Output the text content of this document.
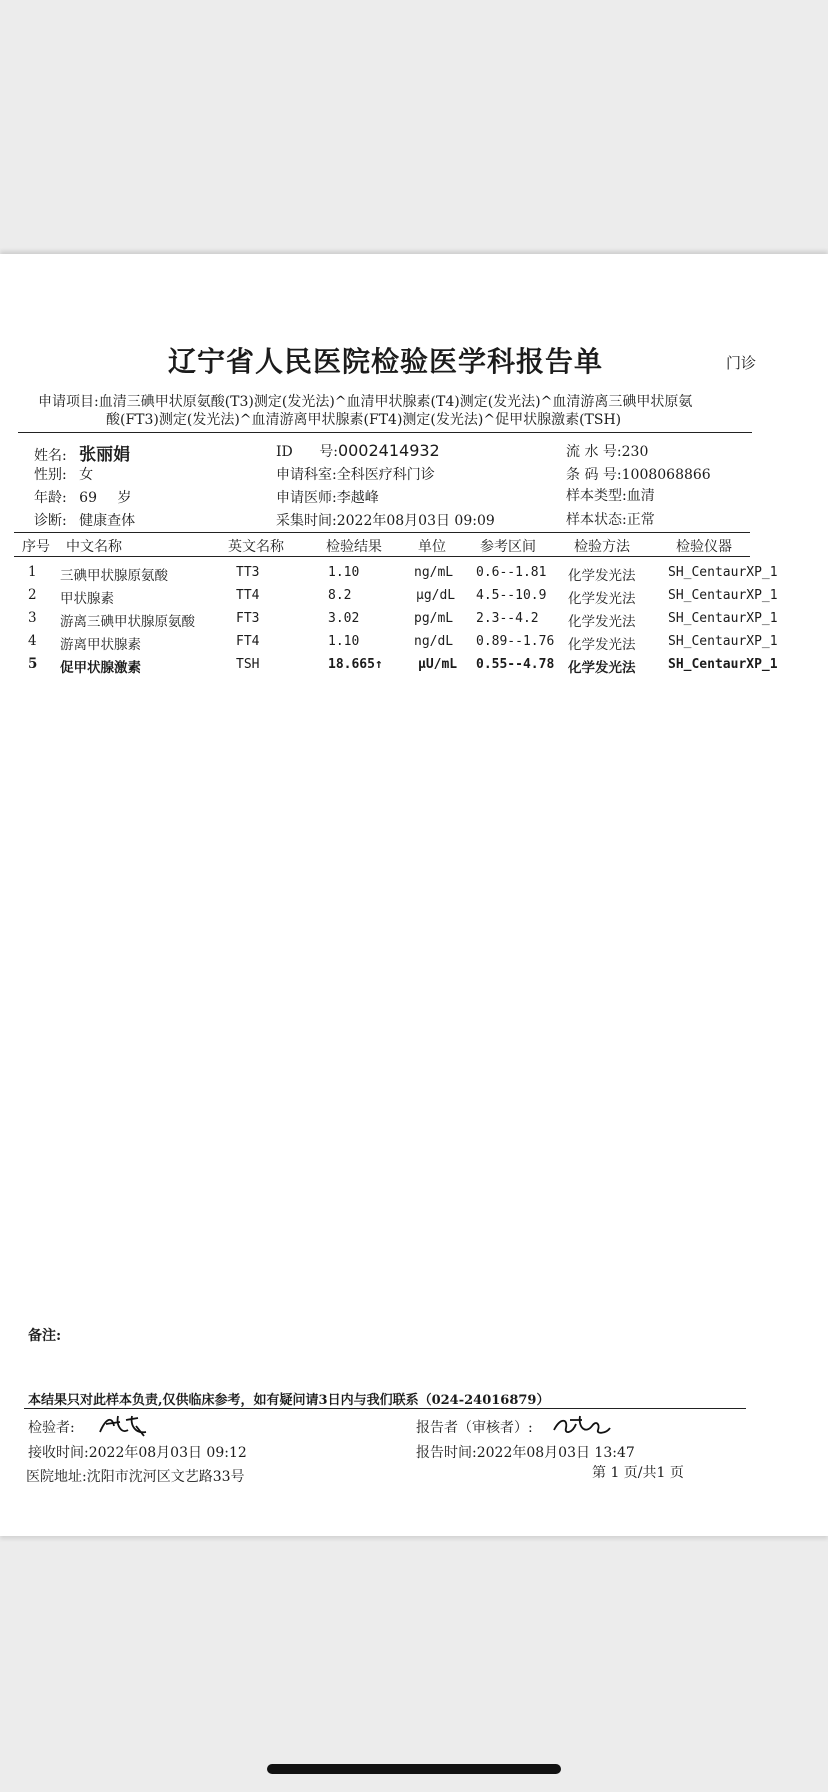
辽宁省人民医院检验医学科报告单	门诊
申请项目:血清三碘甲状原氨酸(T3)测定(发光法)^血清甲状腺素(T4)测定(发光法)^血清游离三碘甲状原氨
酸(FT3)测定(发光法)^血清游离甲状腺素(FT4)测定(发光法)^促甲状腺激素(TSH)
姓名: 张丽娟
性别: 女
年龄: 69 岁
诊断: 健康查体
ID 号:0002414932
申请科室:全科医疗科门诊
申请医师:李越峰
采集时间:2022年08月03日 09:09
流 水 号:230
条 码 号:1008068866
样本类型:血清
样本状态:正常
序号 中文名称	英文名称	检验结果	单位 参考区间	检验方法	检验仪器
1 三碘甲状腺原氨酸	TT3	1.10	ng/mL 0.6--1.81 化学发光法	SH_CentaurXP_1
2 甲状腺素	TT4	8.2	μg/dL 4.5--10.9 化学发光法	SH_CentaurXP_1
3 游离三碘甲状腺原氨酸	FT3	3.02	pg/mL 2.3--4.2 化学发光法	SH_CentaurXP_1
4 游离甲状腺素	FT4	1.10	ng/dL 0.89--1.76 化学发光法	SH_CentaurXP_1
5 促甲状腺激素	TSH	18.665↑	μU/mL 0.55--4.78 化学发光法	SH_CentaurXP_1
备注:
本结果只对此样本负责,仅供临床参考，如有疑问请3日内与我们联系（024-24016879）
检验者:
接收时间:2022年08月03日 09:12
医院地址:沈阳市沈河区文艺路33号
报告者（审核者）:
报告时间:2022年08月03日 13:47
第 1 页/共1 页
